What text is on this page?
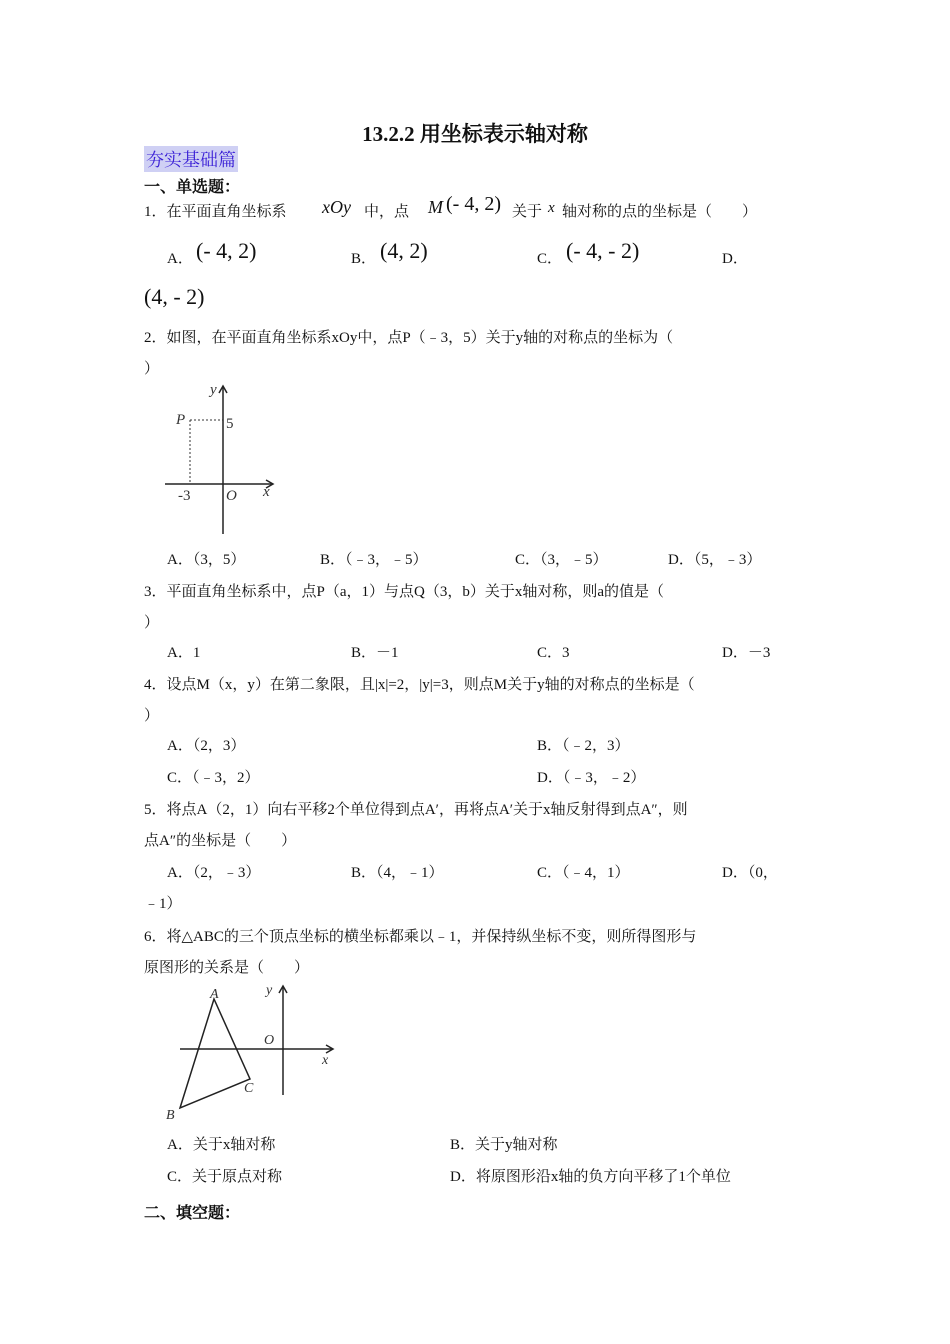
13.2.2 用坐标表示轴对称
夯实基础篇
一、单选题：
1．在平面直角坐标系 xOy 中，点 M (- 4, 2) 关于 x 轴对称的点的坐标是（　　）
A． (- 4, 2)	B． (4, 2)	C． (- 4, - 2)	D．
(4, - 2)
2．如图，在平面直角坐标系xOy中，点P（﹣3，5）关于y轴的对称点的坐标为（
）
y
x
O
P	5
-3
A．（3，5）	B．（﹣3，﹣5）	C．（3，﹣5）	D．（5，﹣3）
3．平面直角坐标系中，点P（a，1）与点Q（3，b）关于x轴对称，则a的值是（
）
A．1	B．－1	C．3	D．－3
4．设点M（x，y）在第二象限，且|x|=2，|y|=3，则点M关于y轴的对称点的坐标是（
）
A．（2，3）	B．（﹣2，3）
C．（﹣3，2）	D．（﹣3，﹣2）
5．将点A（2，1）向右平移2个单位得到点A′，再将点A′关于x轴反射得到点A″，则
点A″的坐标是（　　）
A．（2，﹣3）	B．（4，﹣1）	C．（﹣4，1）	D．（0，
﹣1）
6．将△ABC的三个顶点坐标的横坐标都乘以﹣1，并保持纵坐标不变，则所得图形与
原图形的关系是（　　）
A
B
C
y
x
O
A．关于x轴对称	B．关于y轴对称
C．关于原点对称	D．将原图形沿x轴的负方向平移了1个单位
二、填空题：
